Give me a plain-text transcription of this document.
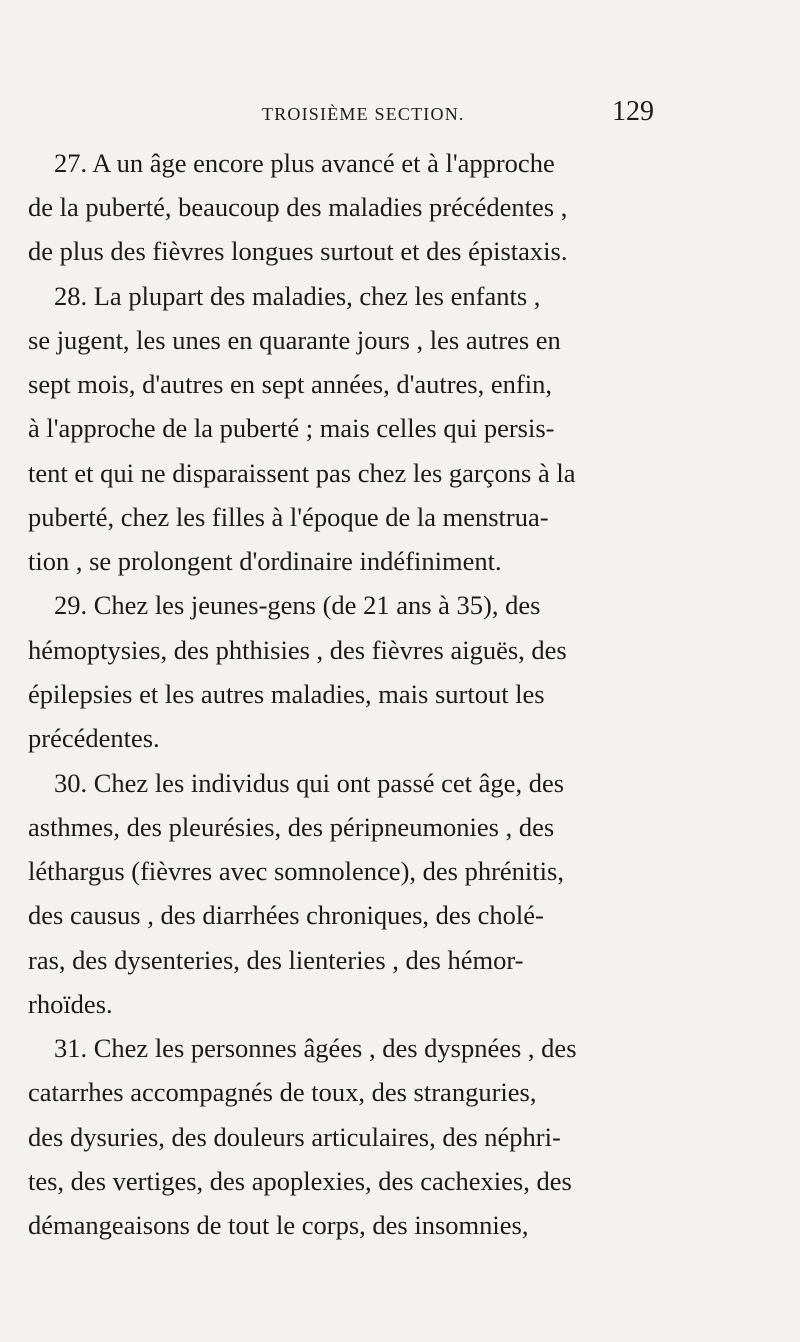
TROISIÈME SECTION.	129
27. A un âge encore plus avancé et à l'approche
de la puberté, beaucoup des maladies précédentes ,
de plus des fièvres longues surtout et des épistaxis.
28. La plupart des maladies, chez les enfants ,
se jugent, les unes en quarante jours , les autres en
sept mois, d'autres en sept années, d'autres, enfin,
à l'approche de la puberté ; mais celles qui persis-
tent et qui ne disparaissent pas chez les garçons à la
puberté, chez les filles à l'époque de la menstrua-
tion , se prolongent d'ordinaire indéfiniment.
29. Chez les jeunes-gens (de 21 ans à 35), des
hémoptysies, des phthisies , des fièvres aiguës, des
épilepsies et les autres maladies, mais surtout les
précédentes.
30. Chez les individus qui ont passé cet âge, des
asthmes, des pleurésies, des péripneumonies , des
léthargus (fièvres avec somnolence), des phrénitis,
des causus , des diarrhées chroniques, des cholé-
ras, des dysenteries, des lienteries , des hémor-
rhoïdes.
31. Chez les personnes âgées , des dyspnées , des
catarrhes accompagnés de toux, des stranguries,
des dysuries, des douleurs articulaires, des néphri-
tes, des vertiges, des apoplexies, des cachexies, des
démangeaisons de tout le corps, des insomnies,
